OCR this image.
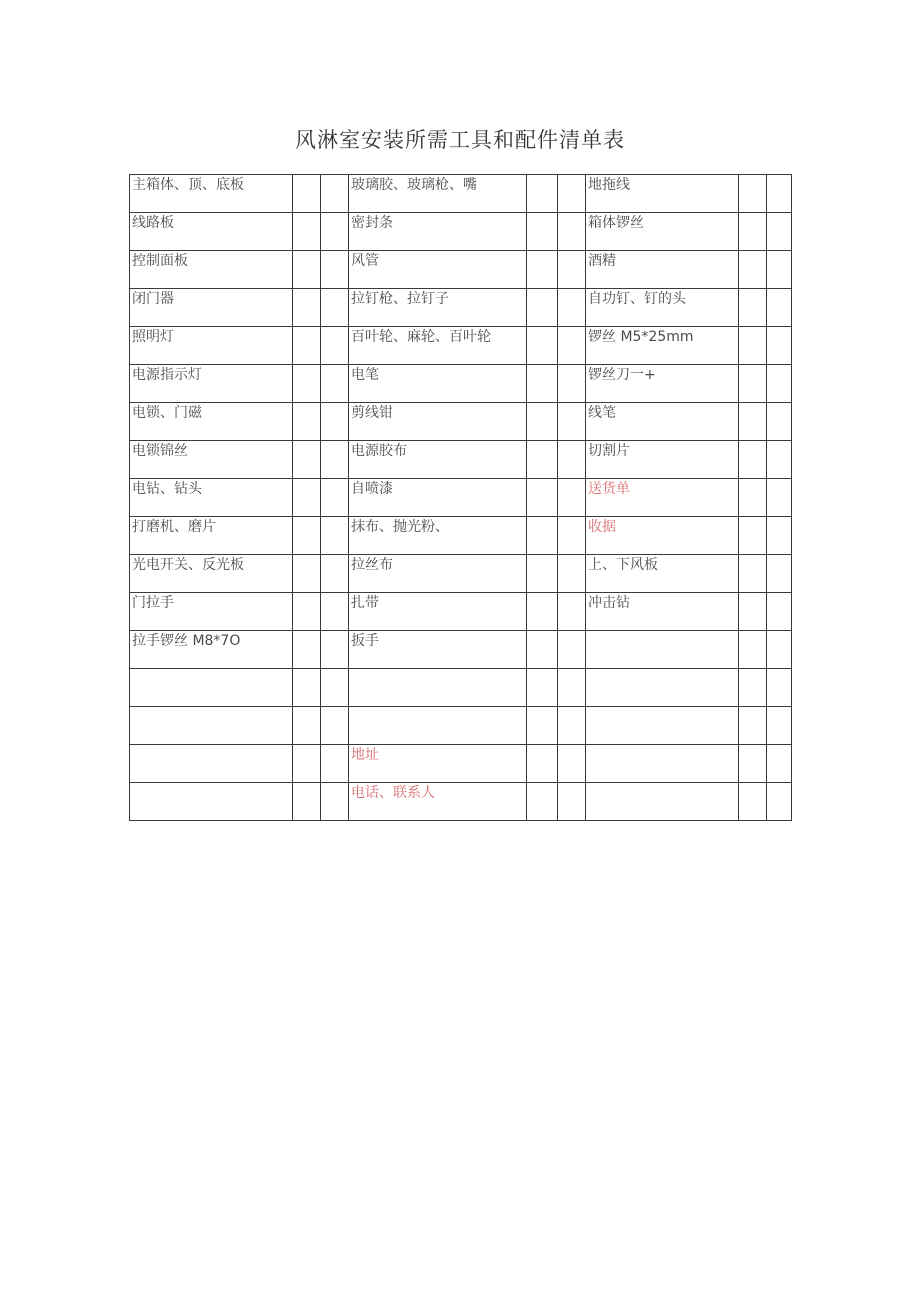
风淋室安装所需工具和配件清单表
主箱体、顶、底板			玻璃胶、玻璃枪、嘴			地拖线		
线路板			密封条			箱体锣丝		
控制面板			风管			酒精		
闭门器			拉钉枪、拉钉子			自功钉、钉的头		
照明灯			百叶轮、麻轮、百叶轮			锣丝 M5*25mm		
电源指示灯			电笔			锣丝刀一+		
电锁、门磁			剪线钳			线笔		
电锁锦丝			电源胶布			切割片		
电钻、钻头			自喷漆			送货单		
打磨机、磨片			抹布、抛光粉、			收据		
光电开关、反光板			拉丝布			上、下风板		
门拉手			扎带			冲击钻		
拉手锣丝 M8*7O			扳手					

			地址					
			电话、联系人					
